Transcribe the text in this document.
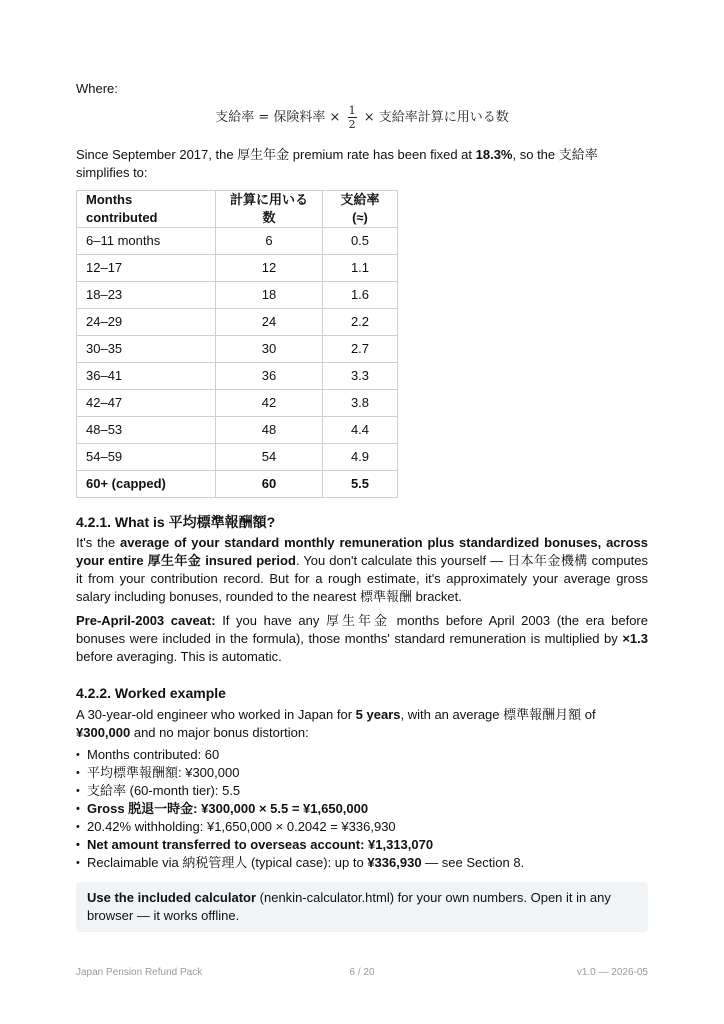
Where:

支給率 = 保険料率 × $\frac{1}{2}$ × 支給率計算に用いる数

Since September 2017, the 厚生年金 premium rate has been fixed at 18.3%, so the 支給率 simplifies to:

Months contributed	計算に用いる数	支給率 (≈)
6–11 months	6	0.5
12–17	12	1.1
18–23	18	1.6
24–29	24	2.2
30–35	30	2.7
36–41	36	3.3
42–47	42	3.8
48–53	48	4.4
54–59	54	4.9
60+ (capped)	60	5.5
4.2.1. What is 平均標準報酬額?

It's the average of your standard monthly remuneration plus standardized bonuses, across your entire 厚生年金 insured period. You don't calculate this yourself — 日本年金機構 computes it from your contribution record. But for a rough estimate, it's approximately your average gross salary including bonuses, rounded to the nearest 標準報酬 bracket.

Pre-April-2003 caveat: If you have any 厚生年金 months before April 2003 (the era before bonuses were included in the formula), those months' standard remuneration is multiplied by ×1.3 before averaging. This is automatic.

4.2.2. Worked example

A 30-year-old engineer who worked in Japan for 5 years, with an average 標準報酬月額 of ¥300,000 and no major bonus distortion:

• Months contributed: 60
• 平均標準報酬額: ¥300,000
• 支給率 (60-month tier): 5.5
• Gross 脱退一時金: ¥300,000 × 5.5 = ¥1,650,000
• 20.42% withholding: ¥1,650,000 × 0.2042 = ¥336,930
• Net amount transferred to overseas account: ¥1,313,070
• Reclaimable via 納税管理人 (typical case): up to ¥336,930 — see Section 8.
Use the included calculator (nenkin-calculator.html) for your own numbers. Open it in any browser — it works offline.
Japan Pension Refund Pack	6 / 20	v1.0 — 2026-05
